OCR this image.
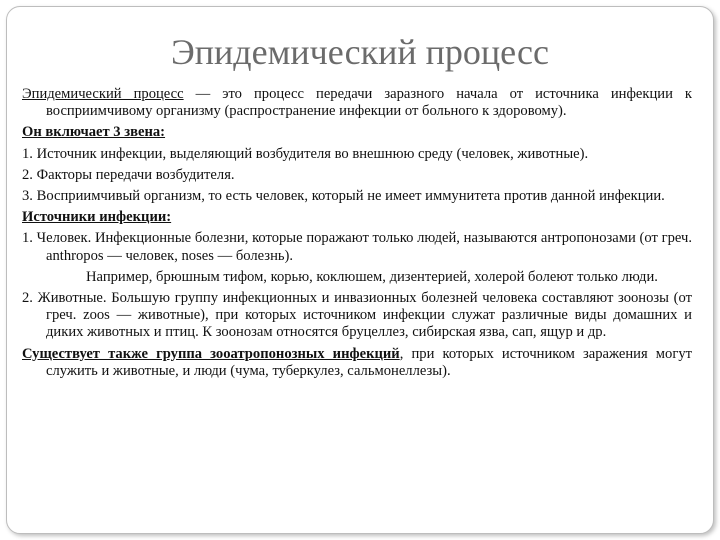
Эпидемический процесс
Эпидемический процесс — это процесс передачи заразного начала от источника инфекции к восприимчивому организму (распространение инфекции от больного к здоровому).
Он включает 3 звена:
1. Источник инфекции, выделяющий возбудителя во внешнюю среду (человек, животные).
2. Факторы передачи возбудителя.
3. Восприимчивый организм, то есть человек, который не имеет иммунитета против данной инфекции.
Источники инфекции:
1. Человек. Инфекционные болезни, которые поражают только людей, называются антропонозами (от греч. anthropos — человек, noses — болезнь).
Например, брюшным тифом, корью, коклюшем, дизентерией, холерой болеют только люди.
2. Животные. Большую группу инфекционных и инвазионных болезней человека составляют зоонозы (от греч. zoos — животные), при которых источником инфекции служат различные виды домашних и диких животных и птиц. К зоонозам относятся бруцеллез, сибирская язва, сап, ящур и др.
Существует также группа зооатропонозных инфекций, при которых источником заражения могут служить и животные, и люди (чума, туберкулез, сальмонеллезы).
